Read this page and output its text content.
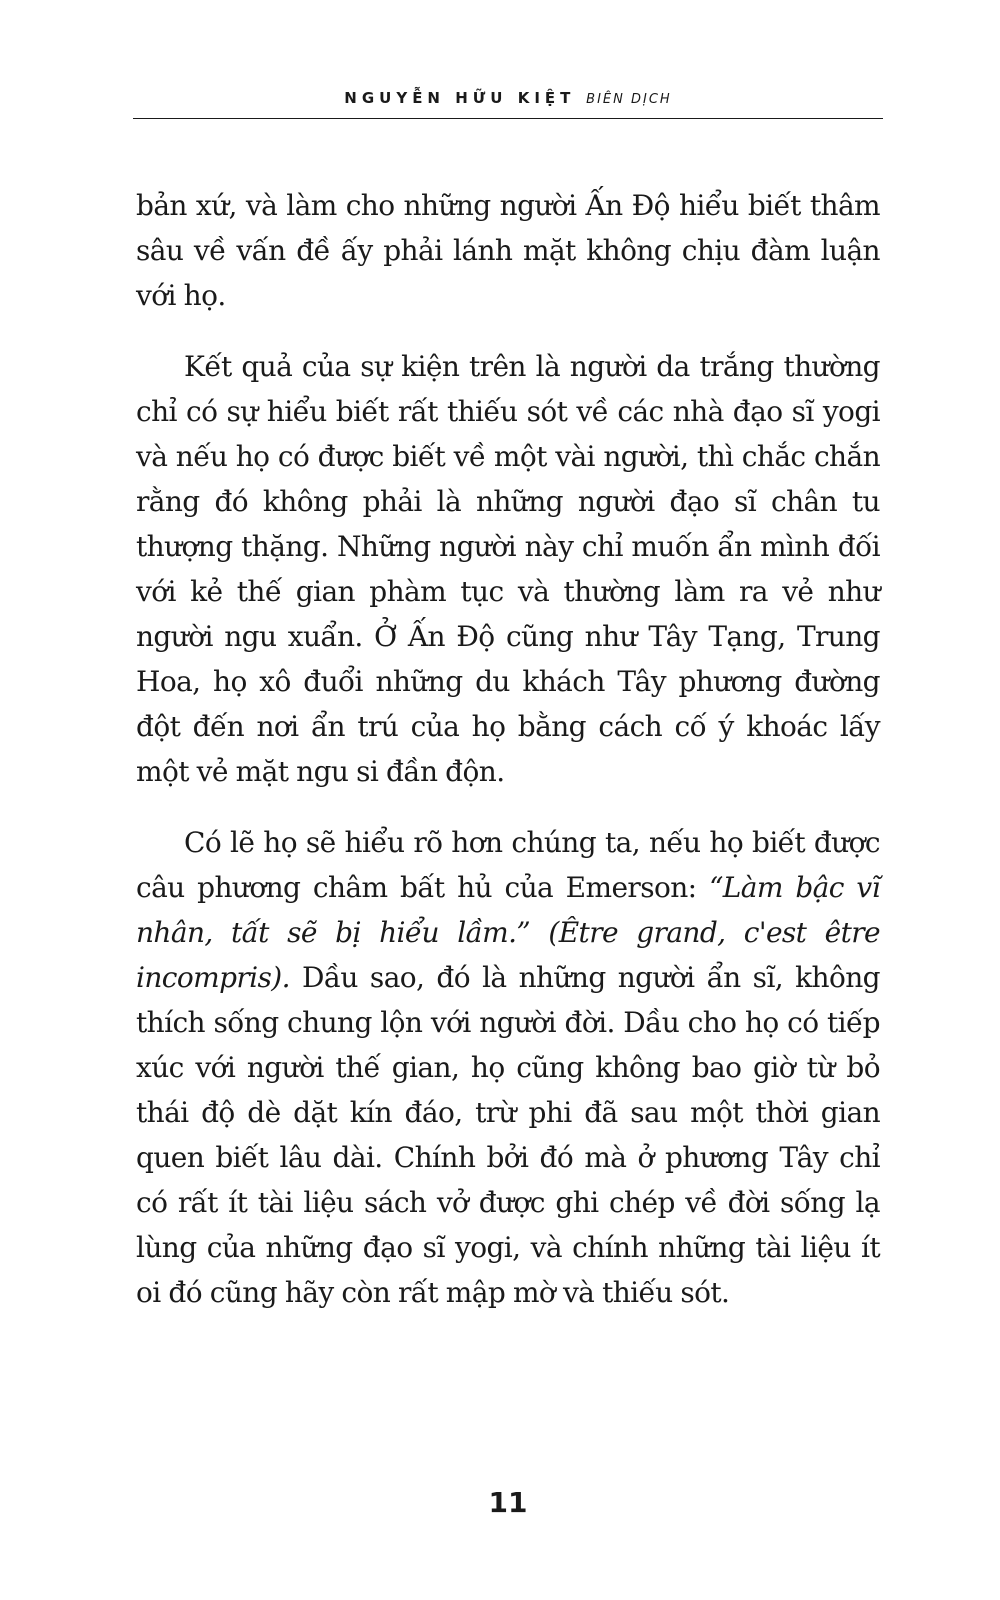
NGUYỄN HỮU KIỆT BIÊN DỊCH

bản xứ, và làm cho những người Ấn Độ hiểu biết thâm sâu về vấn đề ấy phải lánh mặt không chịu đàm luận với họ.

Kết quả của sự kiện trên là người da trắng thường chỉ có sự hiểu biết rất thiếu sót về các nhà đạo sĩ yogi và nếu họ có được biết về một vài người, thì chắc chắn rằng đó không phải là những người đạo sĩ chân tu thượng thặng. Những người này chỉ muốn ẩn mình đối với kẻ thế gian phàm tục và thường làm ra vẻ như người ngu xuẩn. Ở Ấn Độ cũng như Tây Tạng, Trung Hoa, họ xô đuổi những du khách Tây phương đường đột đến nơi ẩn trú của họ bằng cách cố ý khoác lấy một vẻ mặt ngu si đần độn.

Có lẽ họ sẽ hiểu rõ hơn chúng ta, nếu họ biết được câu phương châm bất hủ của Emerson: “Làm bậc vĩ nhân, tất sẽ bị hiểu lầm.” (Être grand, c'est être incompris). Dầu sao, đó là những người ẩn sĩ, không thích sống chung lộn với người đời. Dầu cho họ có tiếp xúc với người thế gian, họ cũng không bao giờ từ bỏ thái độ dè dặt kín đáo, trừ phi đã sau một thời gian quen biết lâu dài. Chính bởi đó mà ở phương Tây chỉ có rất ít tài liệu sách vở được ghi chép về đời sống lạ lùng của những đạo sĩ yogi, và chính những tài liệu ít oi đó cũng hãy còn rất mập mờ và thiếu sót.

11
